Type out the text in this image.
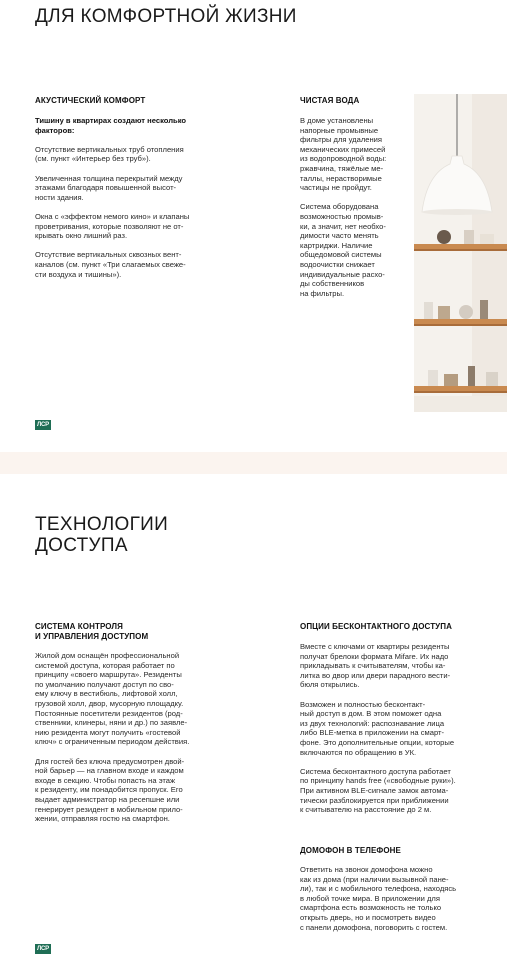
ДЛЯ КОМФОРТНОЙ ЖИЗНИ
АКУСТИЧЕСКИЙ КОМФОРТ

Тишину в квартирах создают несколько
факторов:

Отсутствие вертикальных труб отопления
(см. пункт «Интерьер без труб»).

Увеличенная толщина перекрытий между
этажами благодаря повышенной высот-
ности здания.

Окна с «эффектом немого кино» и клапаны
проветривания, которые позволяют не от-
крывать окно лишний раз.

Отсутствие вертикальных сквозных вент-
каналов (см. пункт «Три слагаемых свеже-
сти воздуха и тишины»).

ЧИСТАЯ ВОДА

В доме установлены
напорные промывные
фильтры для удаления
механических примесей
из водопроводной воды:
ржавчина, тяжёлые ме-
таллы, нерастворимые
частицы не пройдут.

Система оборудована
возможностью промыв-
ки, а значит, нет необхо-
димости часто менять
картриджи. Наличие
общедомовой системы
водоочистки снижает
индивидуальные расхо-
ды собственников
на фильтры.

ЛСР
ТЕХНОЛОГИИ
ДОСТУПА
СИСТЕМА КОНТРОЛЯ
И УПРАВЛЕНИЯ ДОСТУПОМ

Жилой дом оснащён профессиональной
системой доступа, которая работает по
принципу «своего маршрута». Резиденты
по умолчанию получают доступ по сво-
ему ключу в вестибюль, лифтовой холл,
грузовой холл, двор, мусорную площадку.
Постоянные посетители резидентов (род-
ственники, клинеры, няни и др.) по заявле-
нию резидента могут получить «гостевой
ключ» с ограниченным периодом действия.

Для гостей без ключа предусмотрен двой-
ной барьер — на главном входе и каждом
входе в секцию. Чтобы попасть на этаж
к резиденту, им понадобится пропуск. Его
выдает администратор на ресепшне или
генерирует резидент в мобильном прило-
жении, отправляя гостю на смартфон.

ОПЦИИ БЕСКОНТАКТНОГО ДОСТУПА

Вместе с ключами от квартиры резиденты
получат брелоки формата Mifare. Их надо
прикладывать к считывателям, чтобы ка-
литка во двор или двери парадного вести-
бюля открылись.

Возможен и полностью бесконтакт-
ный доступ в дом. В этом поможет одна
из двух технологий: распознавание лица
либо BLE-метка в приложении на смарт-
фоне. Это дополнительные опции, которые
включаются по обращению в УК.

Система бесконтактного доступа работает
по принципу hands free («свободные руки»).
При активном BLE-сигнале замок автома-
тически разблокируется при приближении
к считывателю на расстояние до 2 м.

ДОМОФОН В ТЕЛЕФОНЕ

Ответить на звонок домофона можно
как из дома (при наличии вызывной пане-
ли), так и с мобильного телефона, находясь
в любой точке мира. В приложении для
смартфона есть возможность не только
открыть дверь, но и посмотреть видео
с панели домофона, поговорить с гостем.

ЛСР
